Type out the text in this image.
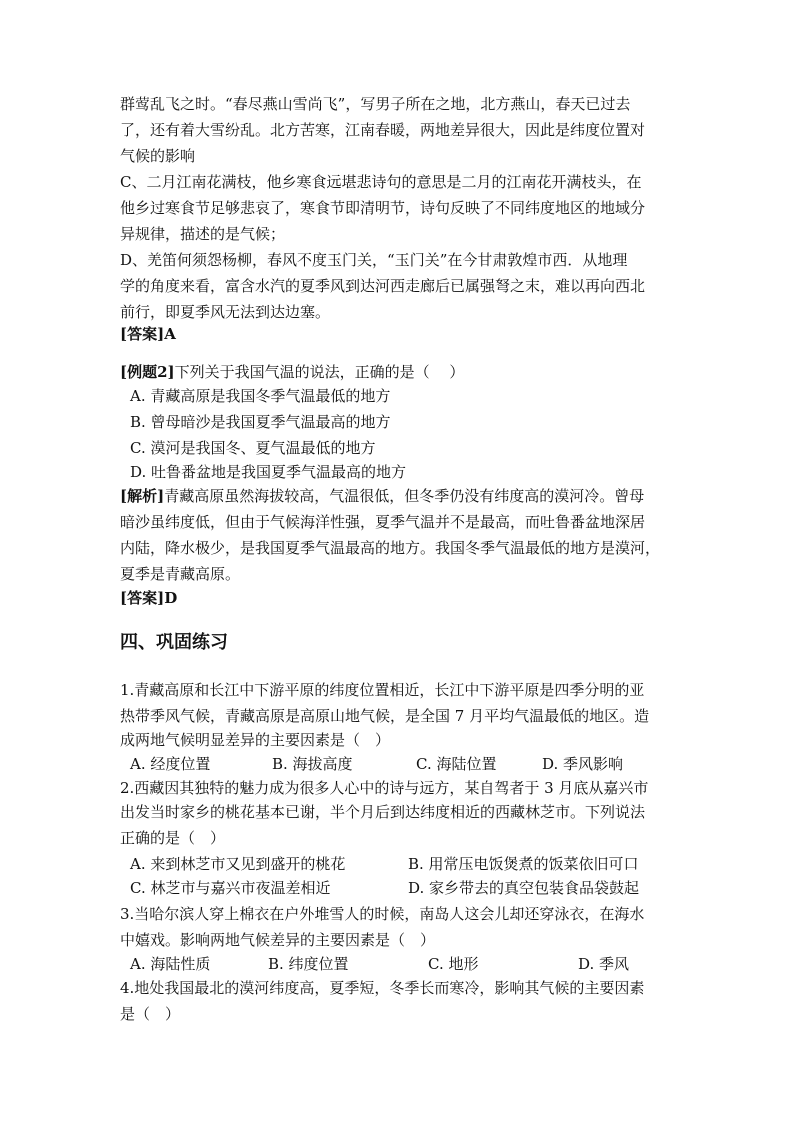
群莺乱飞之时。“春尽燕山雪尚飞”，写男子所在之地，北方燕山，春天已过去
了，还有着大雪纷乱。北方苦寒，江南春暖，两地差异很大，因此是纬度位置对
气候的影响
C、二月江南花满枝，他乡寒食远堪悲诗句的意思是二月的江南花开满枝头，在
他乡过寒食节足够悲哀了，寒食节即清明节，诗句反映了不同纬度地区的地域分
异规律，描述的是气候；
D、羌笛何须怨杨柳，春风不度玉门关，“玉门关”在今甘肃敦煌市西．从地理
学的角度来看，富含水汽的夏季风到达河西走廊后已属强弩之末，难以再向西北
前行，即夏季风无法到达边塞。
[答案]A
[例题2]下列关于我国气温的说法，正确的是（　 ）
A. 青藏高原是我国冬季气温最低的地方
B. 曾母暗沙是我国夏季气温最高的地方
C. 漠河是我国冬、夏气温最低的地方
D. 吐鲁番盆地是我国夏季气温最高的地方
[解析]青藏高原虽然海拔较高，气温很低，但冬季仍没有纬度高的漠河冷。曾母
暗沙虽纬度低，但由于气候海洋性强，夏季气温并不是最高，而吐鲁番盆地深居
内陆，降水极少，是我国夏季气温最高的地方。我国冬季气温最低的地方是漠河，
夏季是青藏高原。
[答案]D
四、巩固练习
1.青藏高原和长江中下游平原的纬度位置相近，长江中下游平原是四季分明的亚
热带季风气候，青藏高原是高原山地气候，是全国 7 月平均气温最低的地区。造
成两地气候明显差异的主要因素是（　）
A. 经度位置	B. 海拔高度	C. 海陆位置	D. 季风影响
2.西藏因其独特的魅力成为很多人心中的诗与远方，某自驾者于 3 月底从嘉兴市
出发当时家乡的桃花基本已谢，半个月后到达纬度相近的西藏林芝市。下列说法
正确的是（　）
A. 来到林芝市又见到盛开的桃花	B. 用常压电饭煲煮的饭菜依旧可口
C. 林芝市与嘉兴市夜温差相近	D. 家乡带去的真空包装食品袋鼓起
3.当哈尔滨人穿上棉衣在户外堆雪人的时候，南岛人这会儿却还穿泳衣，在海水
中嬉戏。影响两地气候差异的主要因素是（　）
A. 海陆性质	B. 纬度位置	C. 地形	D. 季风
4.地处我国最北的漠河纬度高，夏季短，冬季长而寒冷，影响其气候的主要因素
是（　）
